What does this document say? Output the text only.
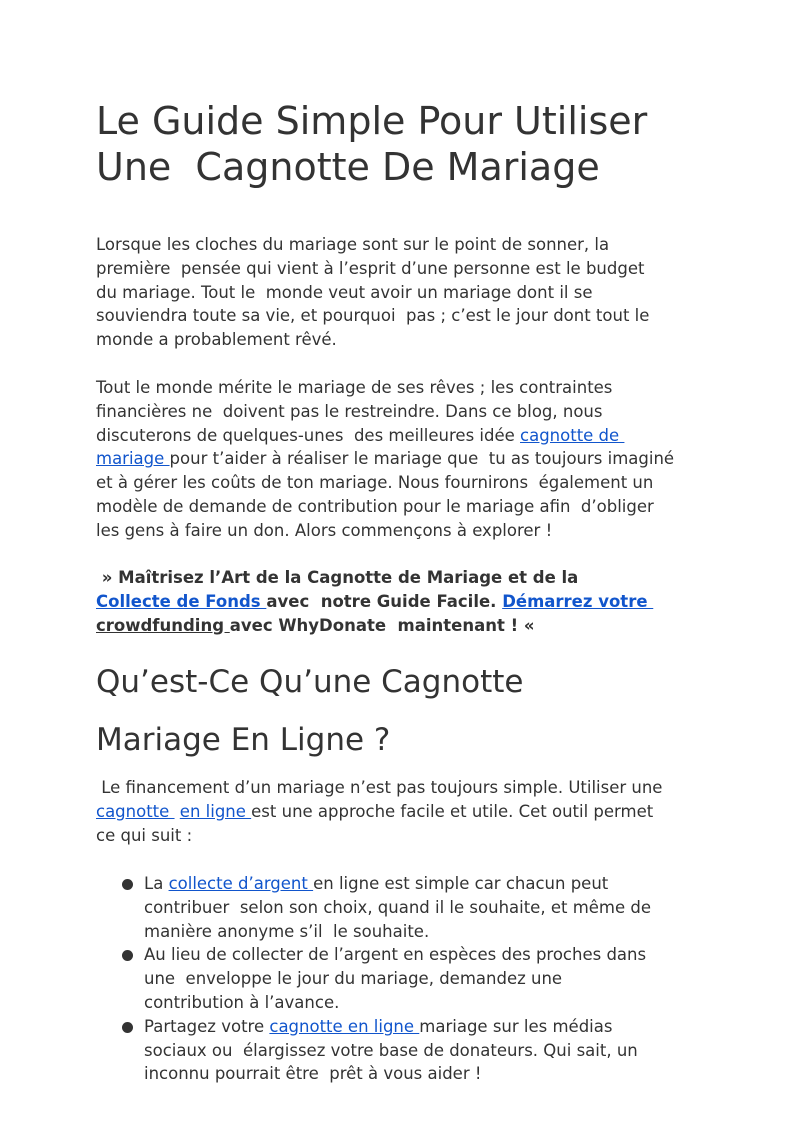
Le Guide Simple Pour Utiliser
Une  Cagnotte De Mariage

Lorsque les cloches du mariage sont sur le point de sonner, la
première  pensée qui vient à l’esprit d’une personne est le budget
du mariage. Tout le  monde veut avoir un mariage dont il se
souviendra toute sa vie, et pourquoi  pas ; c’est le jour dont tout le
monde a probablement rêvé.

Tout le monde mérite le mariage de ses rêves ; les contraintes
financières ne  doivent pas le restreindre. Dans ce blog, nous
discuterons de quelques-unes  des meilleures idée cagnotte de
mariage pour t’aider à réaliser le mariage que  tu as toujours imaginé
et à gérer les coûts de ton mariage. Nous fournirons  également un
modèle de demande de contribution pour le mariage afin  d’obliger
les gens à faire un don. Alors commençons à explorer !

» Maîtrisez l’Art de la Cagnotte de Mariage et de la
Collecte de Fonds avec  notre Guide Facile. Démarrez votre
crowdfunding avec WhyDonate  maintenant ! «

Qu’est-Ce Qu’une Cagnotte
Mariage En Ligne ?

Le financement d’un mariage n’est pas toujours simple. Utiliser une
cagnotte  en ligne est une approche facile et utile. Cet outil permet
ce qui suit :

La collecte d’argent en ligne est simple car chacun peut
contribuer  selon son choix, quand il le souhaite, et même de
manière anonyme s’il  le souhaite.
Au lieu de collecter de l’argent en espèces des proches dans
une  enveloppe le jour du mariage, demandez une
contribution à l’avance.
Partagez votre cagnotte en ligne mariage sur les médias
sociaux ou  élargissez votre base de donateurs. Qui sait, un
inconnu pourrait être  prêt à vous aider !
